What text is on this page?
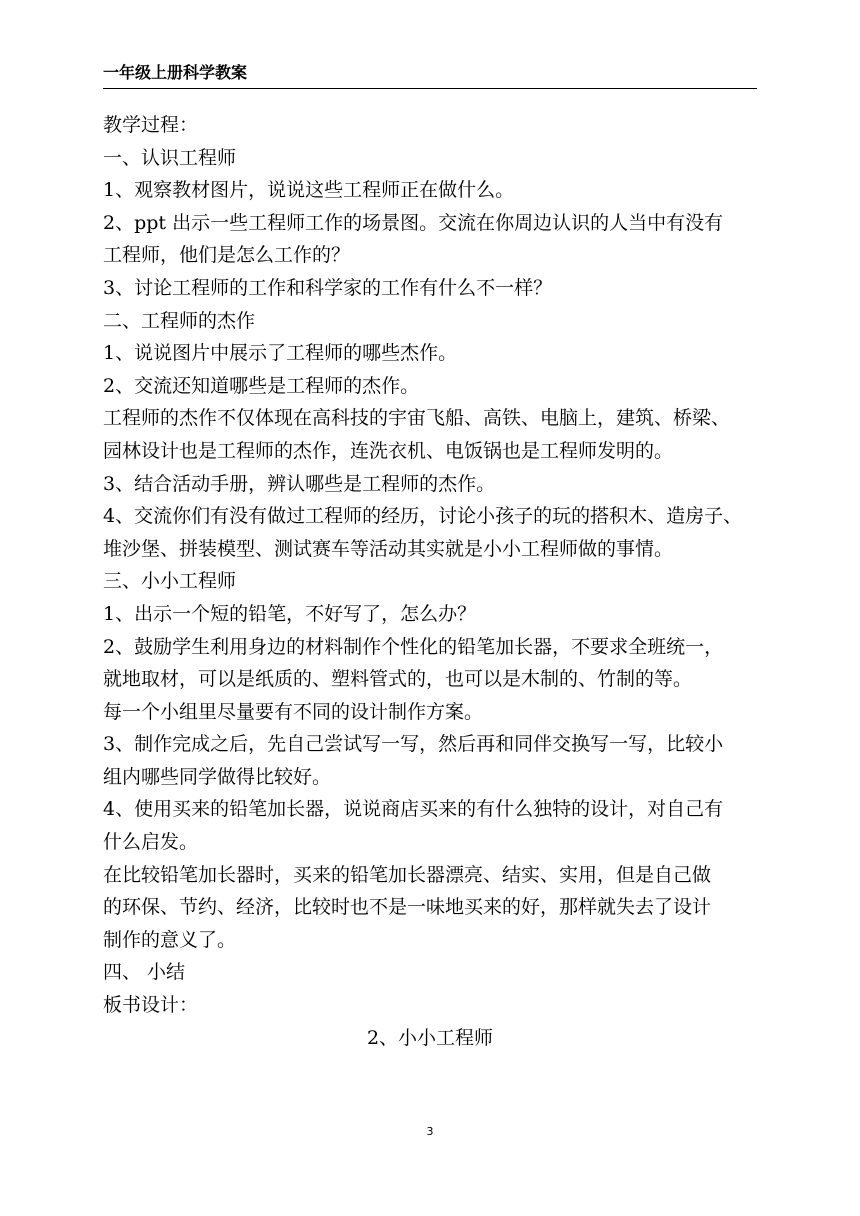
一年级上册科学教案
教学过程：
一、认识工程师
1、观察教材图片，说说这些工程师正在做什么。
2、ppt 出示一些工程师工作的场景图。交流在你周边认识的人当中有没有
工程师，他们是怎么工作的？
3、讨论工程师的工作和科学家的工作有什么不一样？
二、工程师的杰作
1、说说图片中展示了工程师的哪些杰作。
2、交流还知道哪些是工程师的杰作。
工程师的杰作不仅体现在高科技的宇宙飞船、高铁、电脑上，建筑、桥梁、
园林设计也是工程师的杰作，连洗衣机、电饭锅也是工程师发明的。
3、结合活动手册，辨认哪些是工程师的杰作。
4、交流你们有没有做过工程师的经历，讨论小孩子的玩的搭积木、造房子、
堆沙堡、拼装模型、测试赛车等活动其实就是小小工程师做的事情。
三、小小工程师
1、出示一个短的铅笔，不好写了，怎么办？
2、鼓励学生利用身边的材料制作个性化的铅笔加长器，不要求全班统一，
就地取材，可以是纸质的、塑料管式的，也可以是木制的、竹制的等。
每一个小组里尽量要有不同的设计制作方案。
3、制作完成之后，先自己尝试写一写，然后再和同伴交换写一写，比较小
组内哪些同学做得比较好。
4、使用买来的铅笔加长器，说说商店买来的有什么独特的设计，对自己有
什么启发。
在比较铅笔加长器时，买来的铅笔加长器漂亮、结实、实用，但是自己做
的环保、节约、经济，比较时也不是一味地买来的好，那样就失去了设计
制作的意义了。
四、 小结
板书设计：
2、小小工程师
3
